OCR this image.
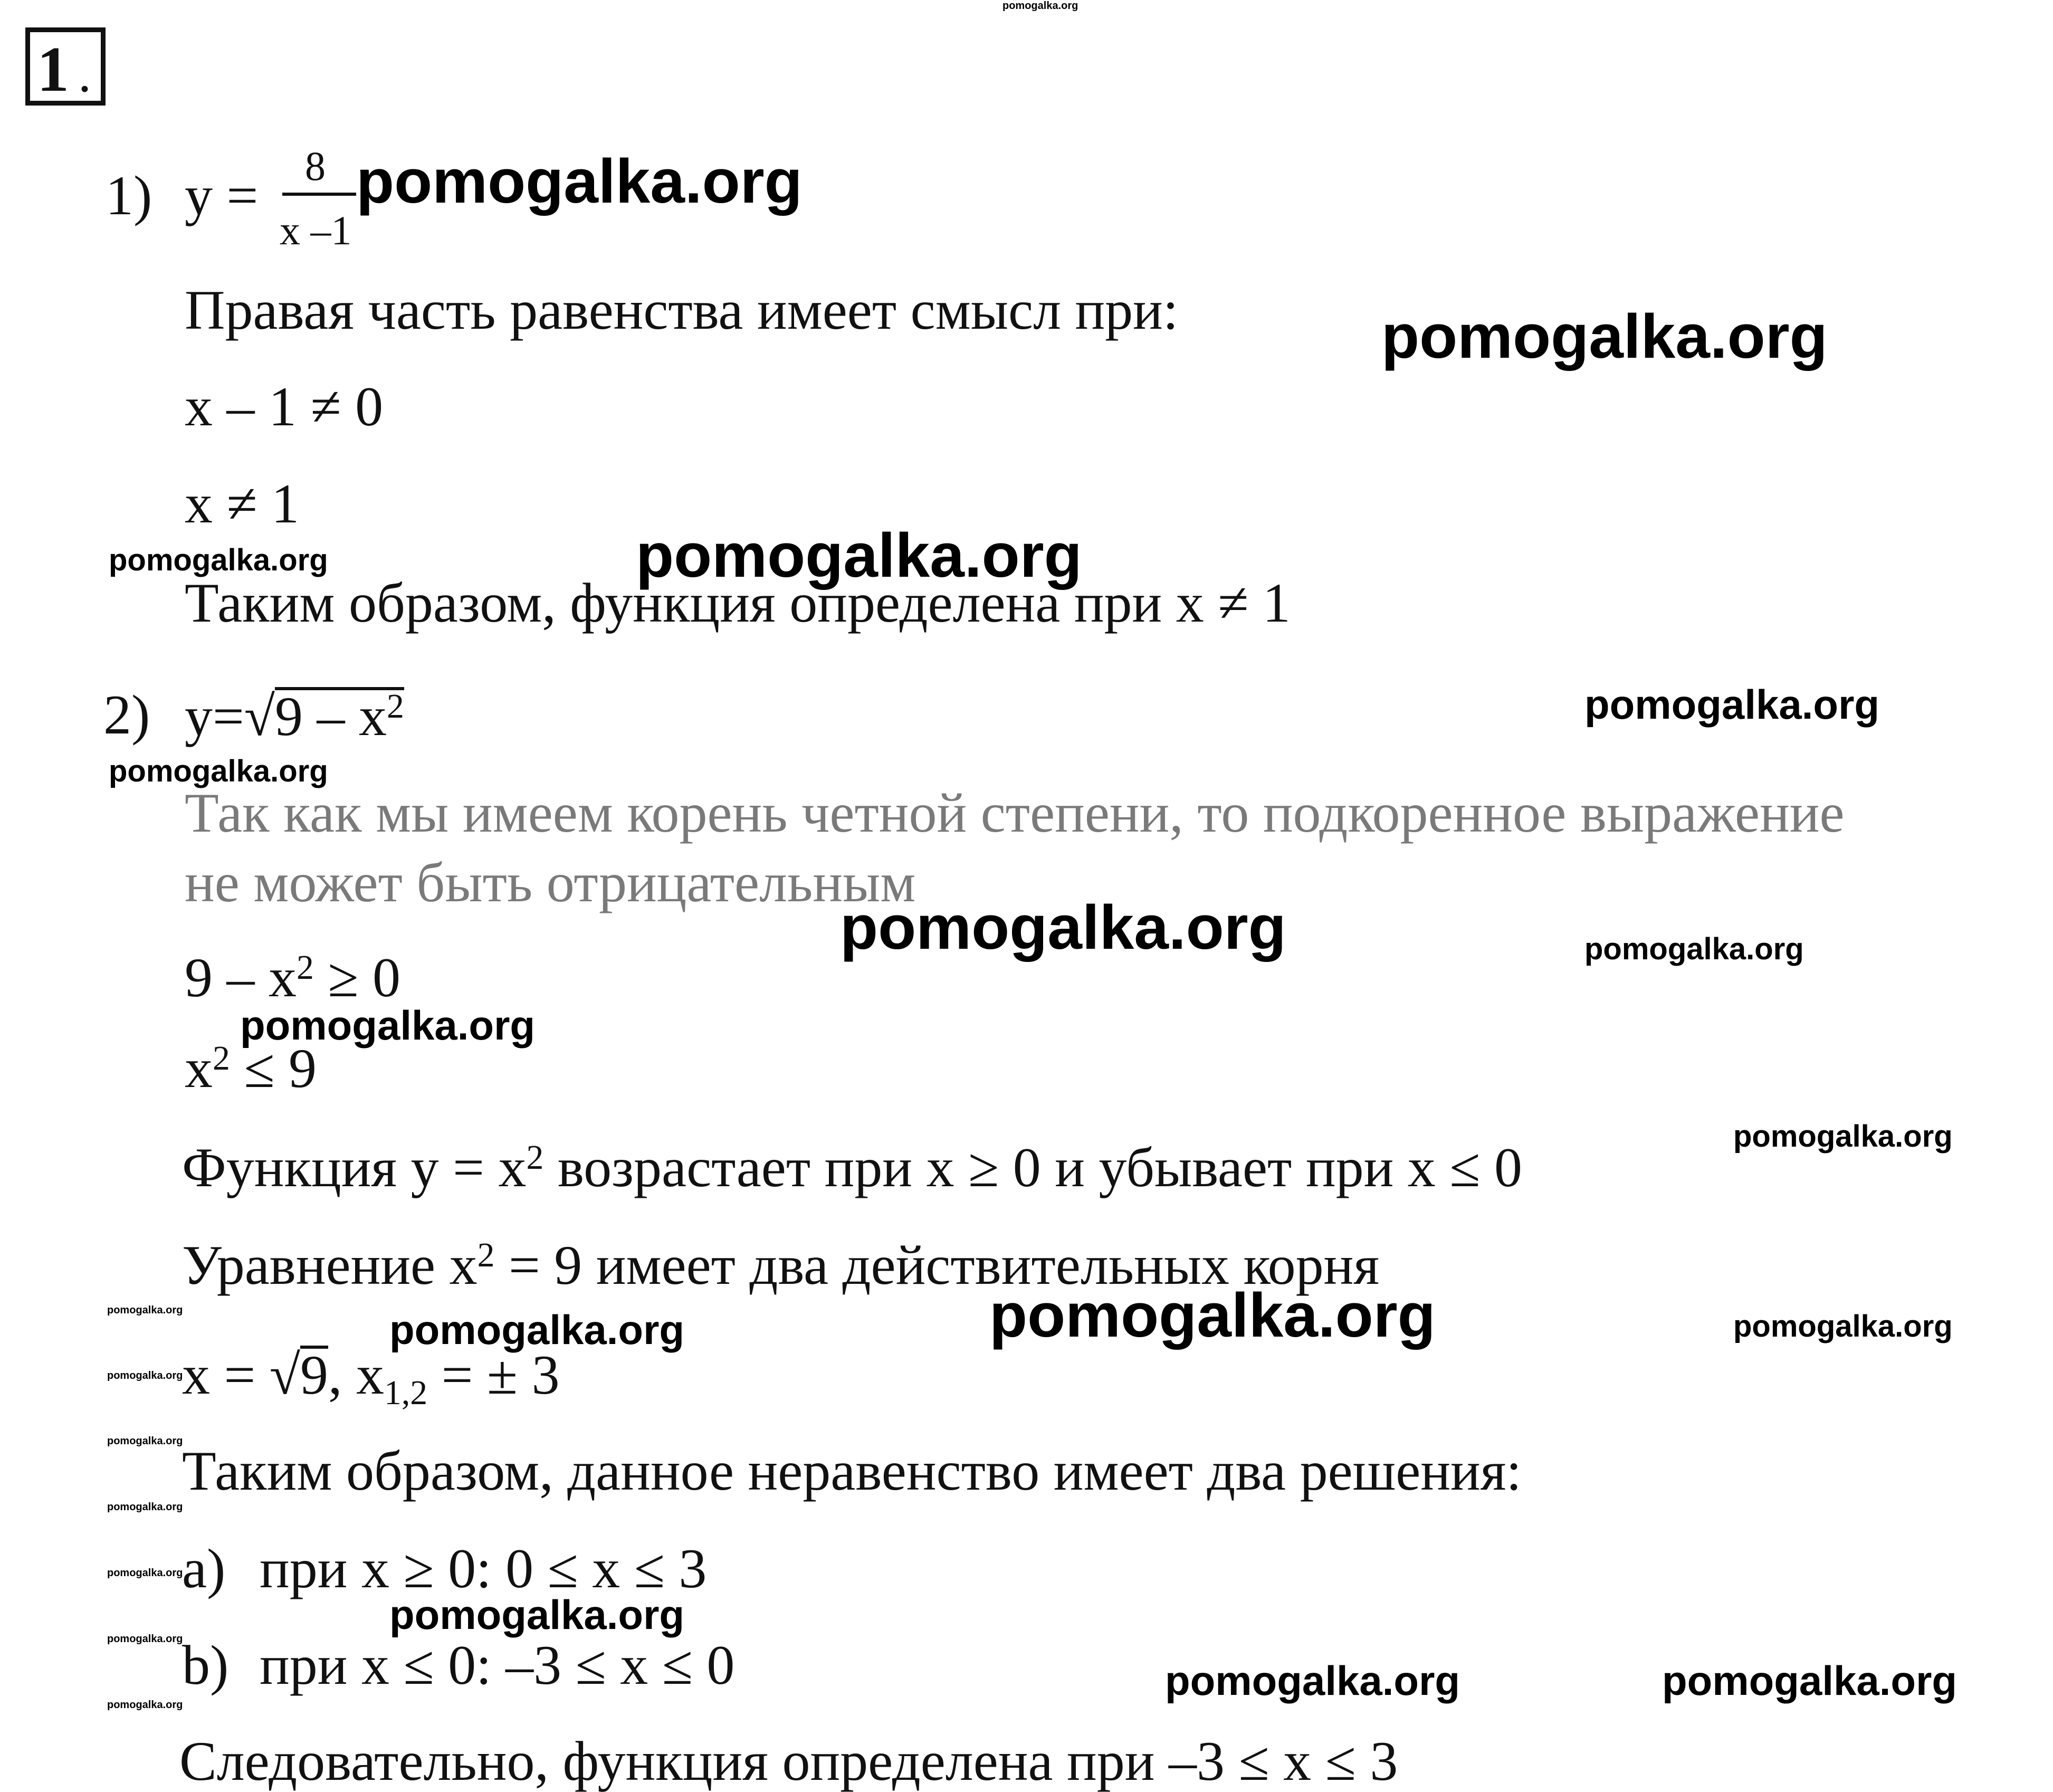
pomogalka.org
1 .
1) y = 8
x –1
pomogalka.org
Правая часть равенства имеет смысл при:	pomogalka.org
x – 1 ≠ 0
x ≠ 1
pomogalka.org	pomogalka.org
Таким образом, функция определена при x ≠ 1
2) $y=√9 - x^2$	pomogalka.org
pomogalka.org
Так как мы имеем корень четной степени, то подкоренное выражение
не может быть отрицательным
pomogalka.org	pomogalka.org
$9 - x^2 \ge 0$
pomogalka.org
$x^2 \le 9$
pomogalka.org
Функция $y = x^2$ возрастает при x ≥ 0 и убывает при x ≤ 0
Уравнение $x^2 = 9$ имеет два действительных корня
pomogalka.org	pomogalka.org	pomogalka.org	pomogalka.org
pomogalka.org
x = √9, $x_{1,2}$ = ± 3
pomogalka.org
Таким образом, данное неравенство имеет два решения:
pomogalka.org
pomogalka.org
a) при x ≥ 0: 0 ≤ x ≤ 3
pomogalka.org
pomogalka.org
b) при x ≤ 0: –3 ≤ x ≤ 0	pomogalka.org	pomogalka.org
pomogalka.org
Следовательно, функция определена при –3 ≤ x ≤ 3
